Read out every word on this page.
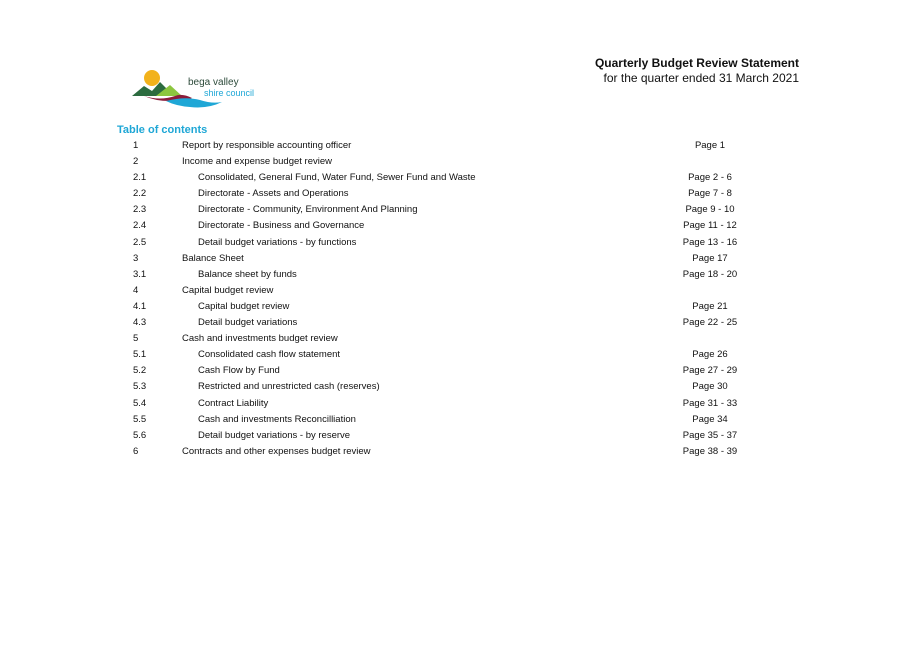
bega valley
shire council
Quarterly Budget Review Statement
for the quarter ended 31 March 2021
Table of contents
1	Report by responsible accounting officer	Page 1
2	Income and expense budget review
2.1	Consolidated, General Fund, Water Fund, Sewer Fund and Waste	Page 2 - 6
2.2	Directorate - Assets and Operations	Page 7 - 8
2.3	Directorate - Community, Environment And Planning	Page 9 - 10
2.4	Directorate - Business and Governance	Page 11 - 12
2.5	Detail budget variations - by functions	Page 13 - 16
3	Balance Sheet	Page 17
3.1	Balance sheet by funds	Page 18 - 20
4	Capital budget review
4.1	Capital budget review	Page 21
4.3	Detail budget variations	Page 22 - 25
5	Cash and investments budget review
5.1	Consolidated cash flow statement	Page 26
5.2	Cash Flow by Fund	Page 27 - 29
5.3	Restricted and unrestricted cash (reserves)	Page 30
5.4	Contract Liability	Page 31 - 33
5.5	Cash and investments Reconcilliation	Page 34
5.6	Detail budget variations - by reserve	Page 35 - 37
6	Contracts and other expenses budget review	Page 38 - 39
